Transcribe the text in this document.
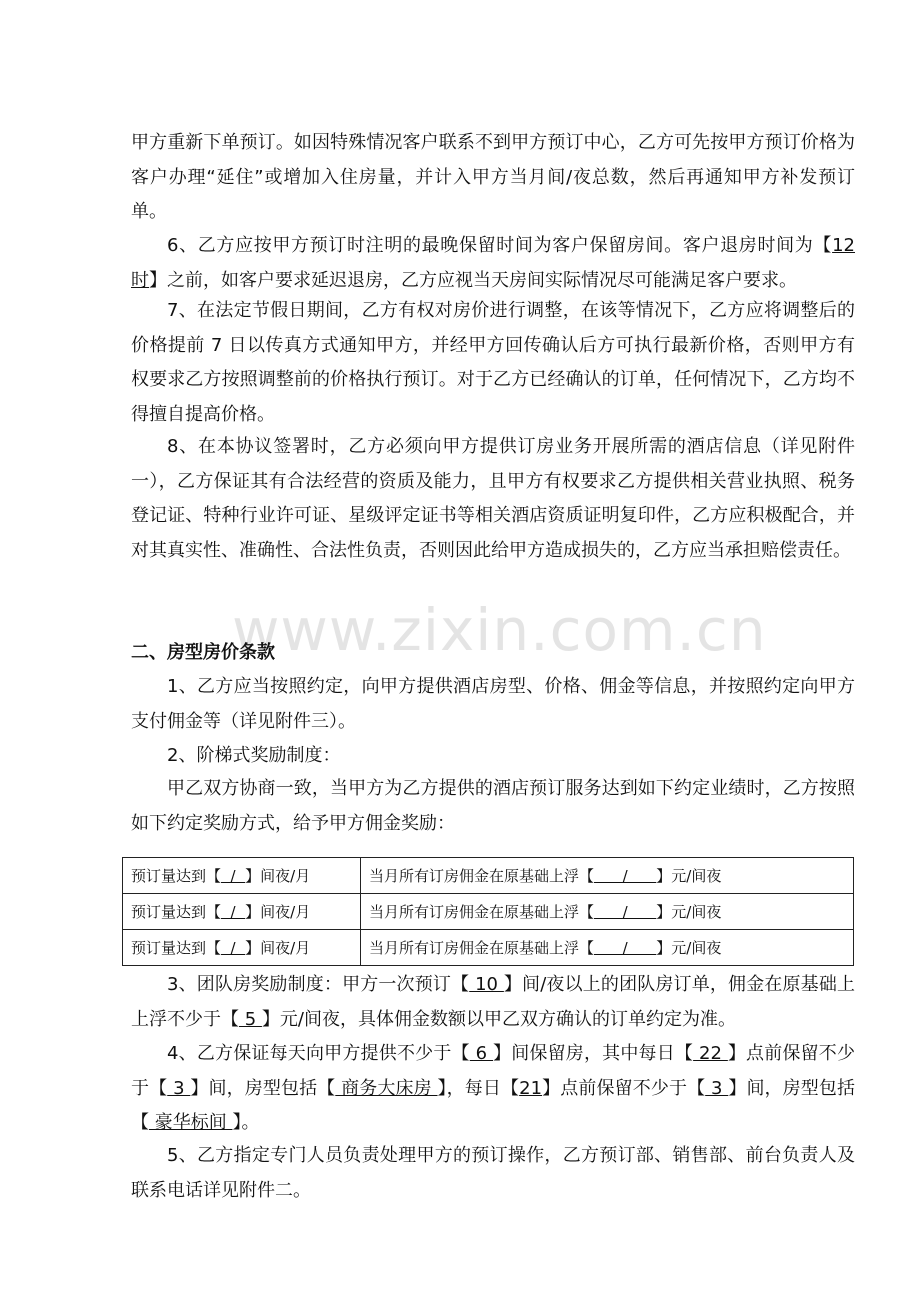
www.zixin.com.cn

甲方重新下单预订。如因特殊情况客户联系不到甲方预订中心，乙方可先按甲方预订价格为客户办理“延住”或增加入住房量，并计入甲方当月间/夜总数，然后再通知甲方补发预订单。

6、乙方应按甲方预订时注明的最晚保留时间为客户保留房间。客户退房时间为【12时】之前，如客户要求延迟退房，乙方应视当天房间实际情况尽可能满足客户要求。

7、在法定节假日期间，乙方有权对房价进行调整，在该等情况下，乙方应将调整后的价格提前 7 日以传真方式通知甲方，并经甲方回传确认后方可执行最新价格，否则甲方有权要求乙方按照调整前的价格执行预订。对于乙方已经确认的订单，任何情况下，乙方均不得擅自提高价格。

8、在本协议签署时，乙方必须向甲方提供订房业务开展所需的酒店信息（详见附件一），乙方保证其有合法经营的资质及能力，且甲方有权要求乙方提供相关营业执照、税务登记证、特种行业许可证、星级评定证书等相关酒店资质证明复印件，乙方应积极配合，并对其真实性、准确性、合法性负责，否则因此给甲方造成损失的，乙方应当承担赔偿责任。

二、房型房价条款

1、乙方应当按照约定，向甲方提供酒店房型、价格、佣金等信息，并按照约定向甲方支付佣金等（详见附件三）。

2、阶梯式奖励制度：

甲乙双方协商一致，当甲方为乙方提供的酒店预订服务达到如下约定业绩时，乙方按照如下约定奖励方式，给予甲方佣金奖励：

预订量达到【  /  】间夜/月	当月所有订房佣金在原基础上浮【      /      】元/间夜
预订量达到【  /  】间夜/月	当月所有订房佣金在原基础上浮【      /      】元/间夜
预订量达到【  /  】间夜/月	当月所有订房佣金在原基础上浮【      /      】元/间夜

3、团队房奖励制度：甲方一次预订【 10 】间/夜以上的团队房订单，佣金在原基础上上浮不少于【 5 】元/间夜，具体佣金数额以甲乙双方确认的订单约定为准。

4、乙方保证每天向甲方提供不少于【 6 】间保留房，其中每日【 22 】点前保留不少于【 3 】间，房型包括【 商务大床房 】，每日【21】点前保留不少于【 3 】间，房型包括【 豪华标间 】。

5、乙方指定专门人员负责处理甲方的预订操作，乙方预订部、销售部、前台负责人及联系电话详见附件二。
